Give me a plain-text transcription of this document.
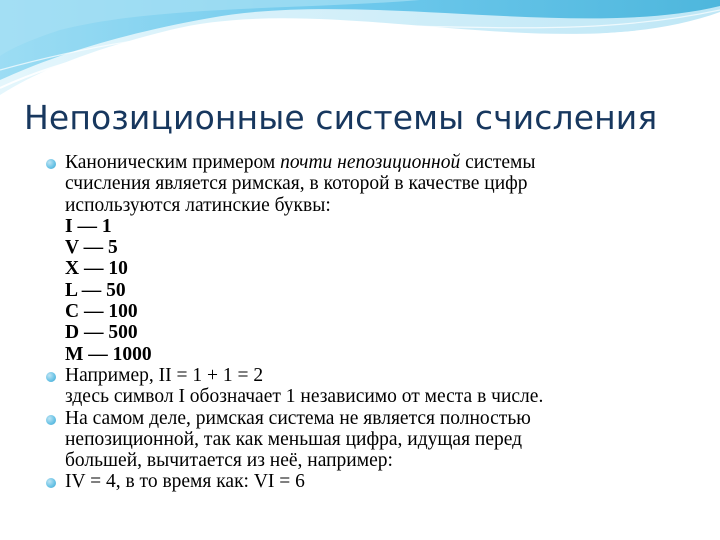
Непозиционные системы счисления
Каноническим примером почти непозиционной системы
счисления является римская, в которой в качестве цифр
используются латинские буквы:
I — 1
V — 5
X — 10
L — 50
C — 100
D — 500
M — 1000
Например, II = 1 + 1 = 2
здесь символ I обозначает 1 независимо от места в числе.
На самом деле, римская система не является полностью
непозиционной, так как меньшая цифра, идущая перед
большей, вычитается из неё, например:
IV = 4, в то время как: VI = 6
